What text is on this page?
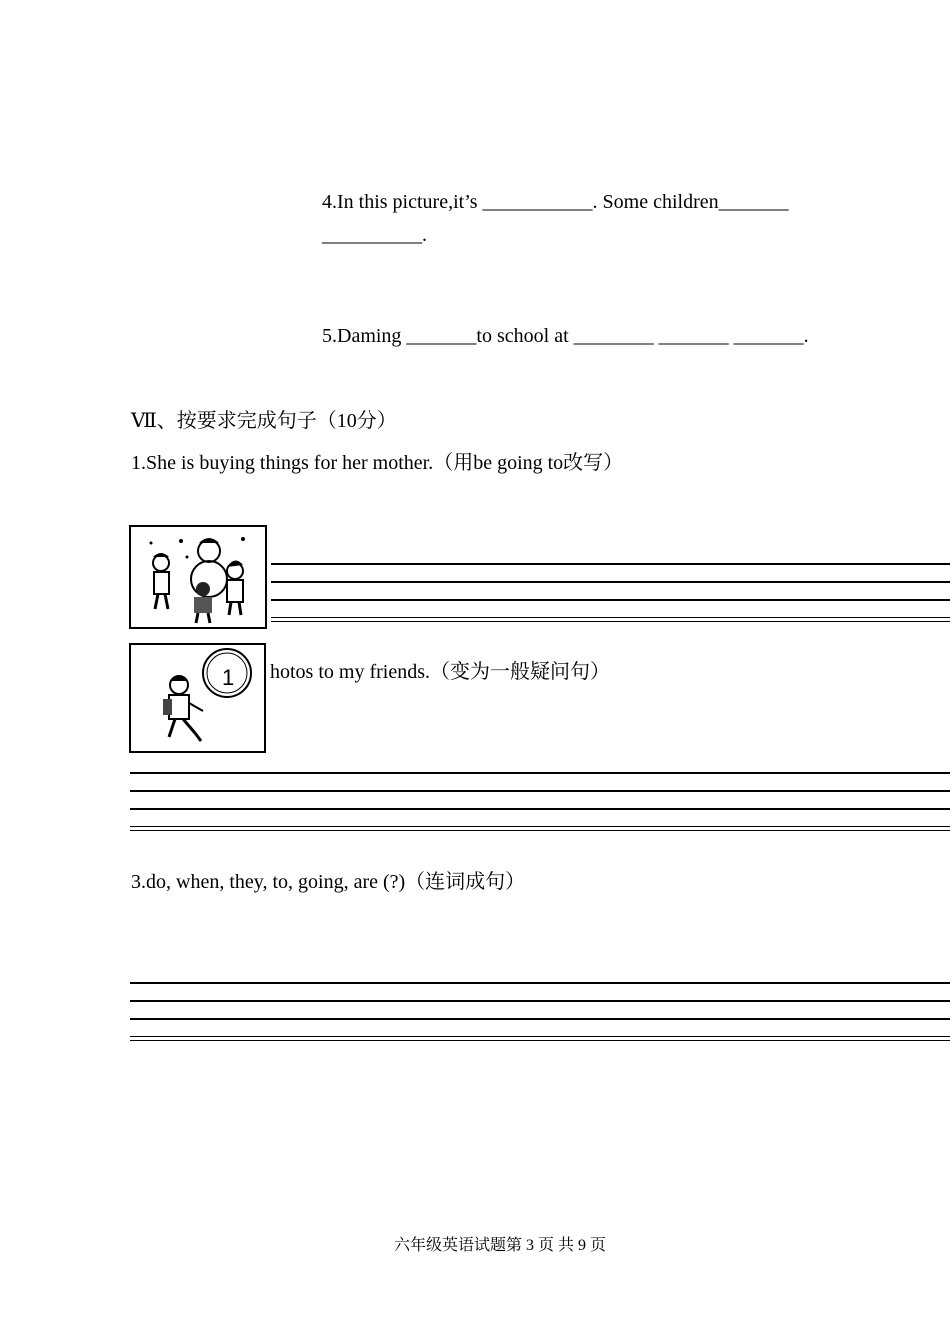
4.In this picture,it’s ___________. Some children_______
__________.
5.Daming _______to school at ________ _______ _______.
Ⅶ、按要求完成句子（10分）
1.She is buying things for her mother.（用be going to改写）
1 hotos to my friends.（变为一般疑问句）
3.do, when, they, to, going, are (?)（连词成句）
六年级英语试题第 3 页 共 9 页
